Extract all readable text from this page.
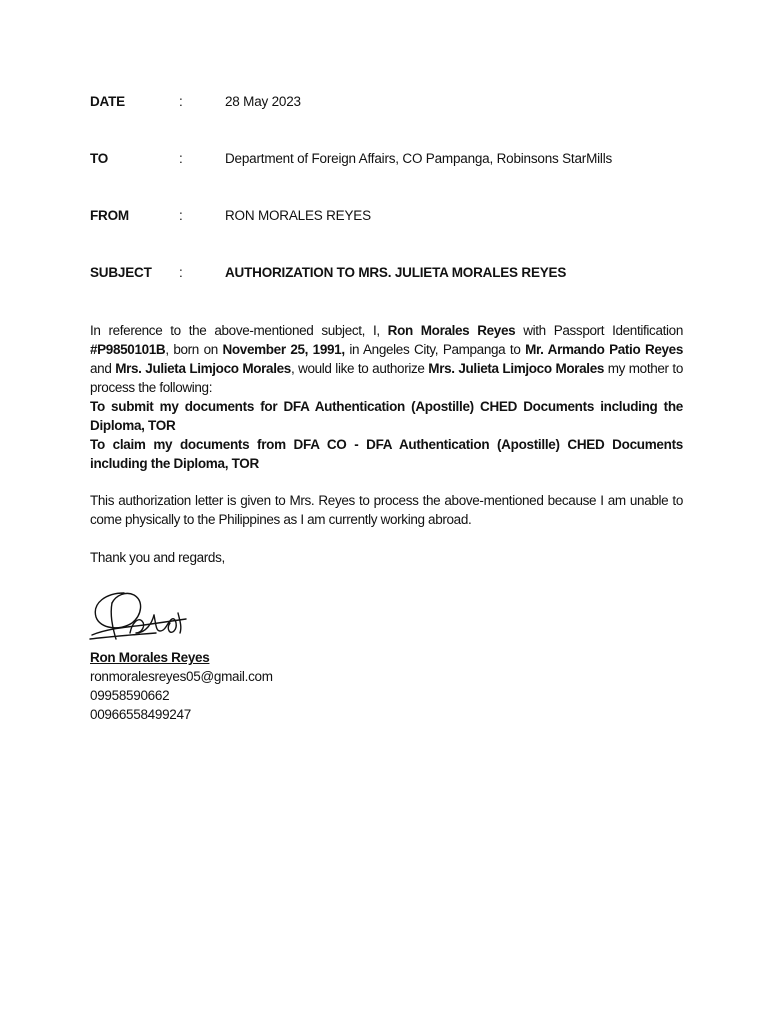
DATE	:	28 May 2023
TO	:	Department of Foreign Affairs, CO Pampanga, Robinsons StarMills
FROM	:	RON MORALES REYES
SUBJECT :	AUTHORIZATION TO MRS. JULIETA MORALES REYES
In reference to the above-mentioned subject, I, Ron Morales Reyes with Passport Identification #P9850101B, born on November 25, 1991, in Angeles City, Pampanga to Mr. Armando Patio Reyes and Mrs. Julieta Limjoco Morales, would like to authorize Mrs. Julieta Limjoco Morales my mother to process the following:
To submit my documents for DFA Authentication (Apostille) CHED Documents including the Diploma, TOR
To claim my documents from DFA CO - DFA Authentication (Apostille) CHED Documents including the Diploma, TOR
This authorization letter is given to Mrs. Reyes to process the above-mentioned because I am unable to come physically to the Philippines as I am currently working abroad.
Thank you and regards,
Ron Morales Reyes
ronmoralesreyes05@gmail.com
09958590662
00966558499247
